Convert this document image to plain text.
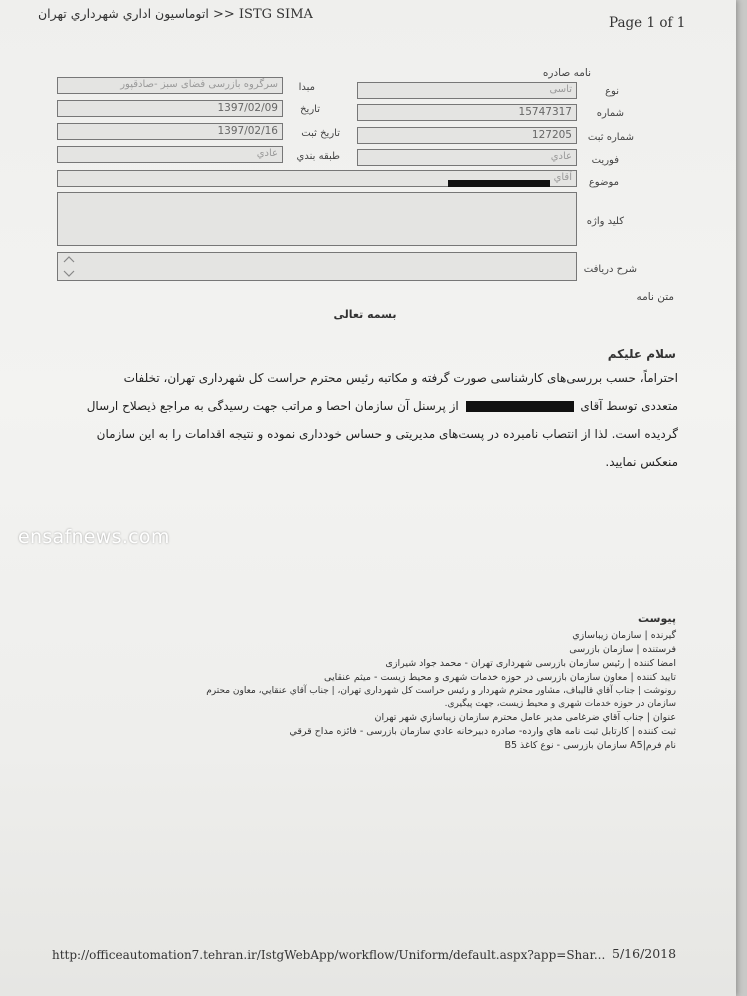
اتوماسيون اداري شهرداري تهران >> ISTG SIMA
Page 1 of 1
نامه صادره
تاسی	نوع
15747317	شماره
127205	شماره ثبت
عادي	فوريت
سرگروه بازرسی فضای سبز -صادقپور	مبدا
1397/02/09	تاريخ
1397/02/16	تاريخ ثبت
عادي	طبقه بندي
آقاي	موضوع
كليد واژه
شرح دريافت
متن نامه
بسمه تعالی
سلام علیکم
احتراماً، حسب بررسی‌های کارشناسی صورت گرفته و مکاتبه رئیس محترم حراست کل شهرداری تهران، تخلفات
متعددی توسط آقای  از پرسنل آن سازمان احصا و مراتب جهت رسیدگی به مراجع ذیصلاح ارسال
گردیده است. لذا از انتصاب نامبرده در پست‌های مدیریتی و حساس خودداری نموده و نتیجه اقدامات را به این سازمان
منعکس نمایید.
پیوست
گيرنده | سازمان زيباسازي
فرستنده | سازمان بازرسی
امضا كننده | رئیس سازمان بازرسی شهرداری تهران - محمد جواد شیرازی
تاييد كننده | معاون سازمان بازرسی در حوزه خدمات شهری و محیط زیست - میثم عنقایی
رونوشت | جناب آقاي قاليباف، مشاور محترم شهردار و رئیس حراست کل شهرداری تهران، | جناب آقاي عنقايي، معاون محترم
سازمان در حوزه خدمات شهری و محیط زیست، جهت پیگیری.
عنوان | جناب آقاي ضرغامی مدير عامل محترم سازمان زيباسازي شهر تهران
ثبت كننده | كارتابل ثبت نامه هاي وارده- صادره دبيرخانه عادي سازمان بازرسی - فائزه مداح قرقي
نام فرم|A5 سازمان بازرسی - نوع كاغذ B5
http://officeautomation7.tehran.ir/IstgWebApp/workflow/Uniform/default.aspx?app=Shar... 5/16/2018
ensafnews.com
